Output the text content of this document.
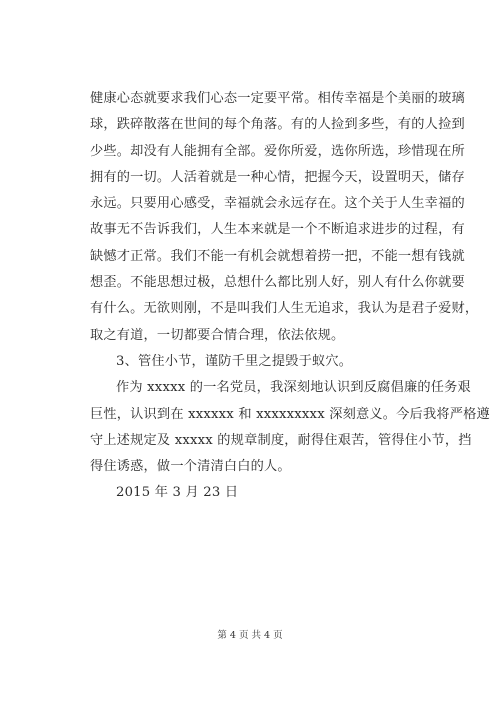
健康心态就要求我们心态一定要平常。相传幸福是个美丽的玻璃
球，跌碎散落在世间的每个角落。有的人捡到多些，有的人捡到
少些。却没有人能拥有全部。爱你所爱，选你所选，珍惜现在所
拥有的一切。人活着就是一种心情，把握今天，设置明天，储存
永远。只要用心感受，幸福就会永远存在。这个关于人生幸福的
故事无不告诉我们，人生本来就是一个不断追求进步的过程，有
缺憾才正常。我们不能一有机会就想着捞一把，不能一想有钱就
想歪。不能思想过极，总想什么都比别人好，别人有什么你就要
有什么。无欲则刚，不是叫我们人生无追求，我认为是君子爱财，
取之有道，一切都要合情合理，依法依规。
3、管住小节，谨防千里之提毁于蚁穴。
作为 xxxxx 的一名党员，我深刻地认识到反腐倡廉的任务艰
巨性，认识到在 xxxxxx 和 xxxxxxxxx 深刻意义。今后我将严格遵
守上述规定及 xxxxx 的规章制度，耐得住艰苦，管得住小节，挡
得住诱惑，做一个清清白白的人。
2015 年 3 月 23 日
第 4 页 共 4 页
